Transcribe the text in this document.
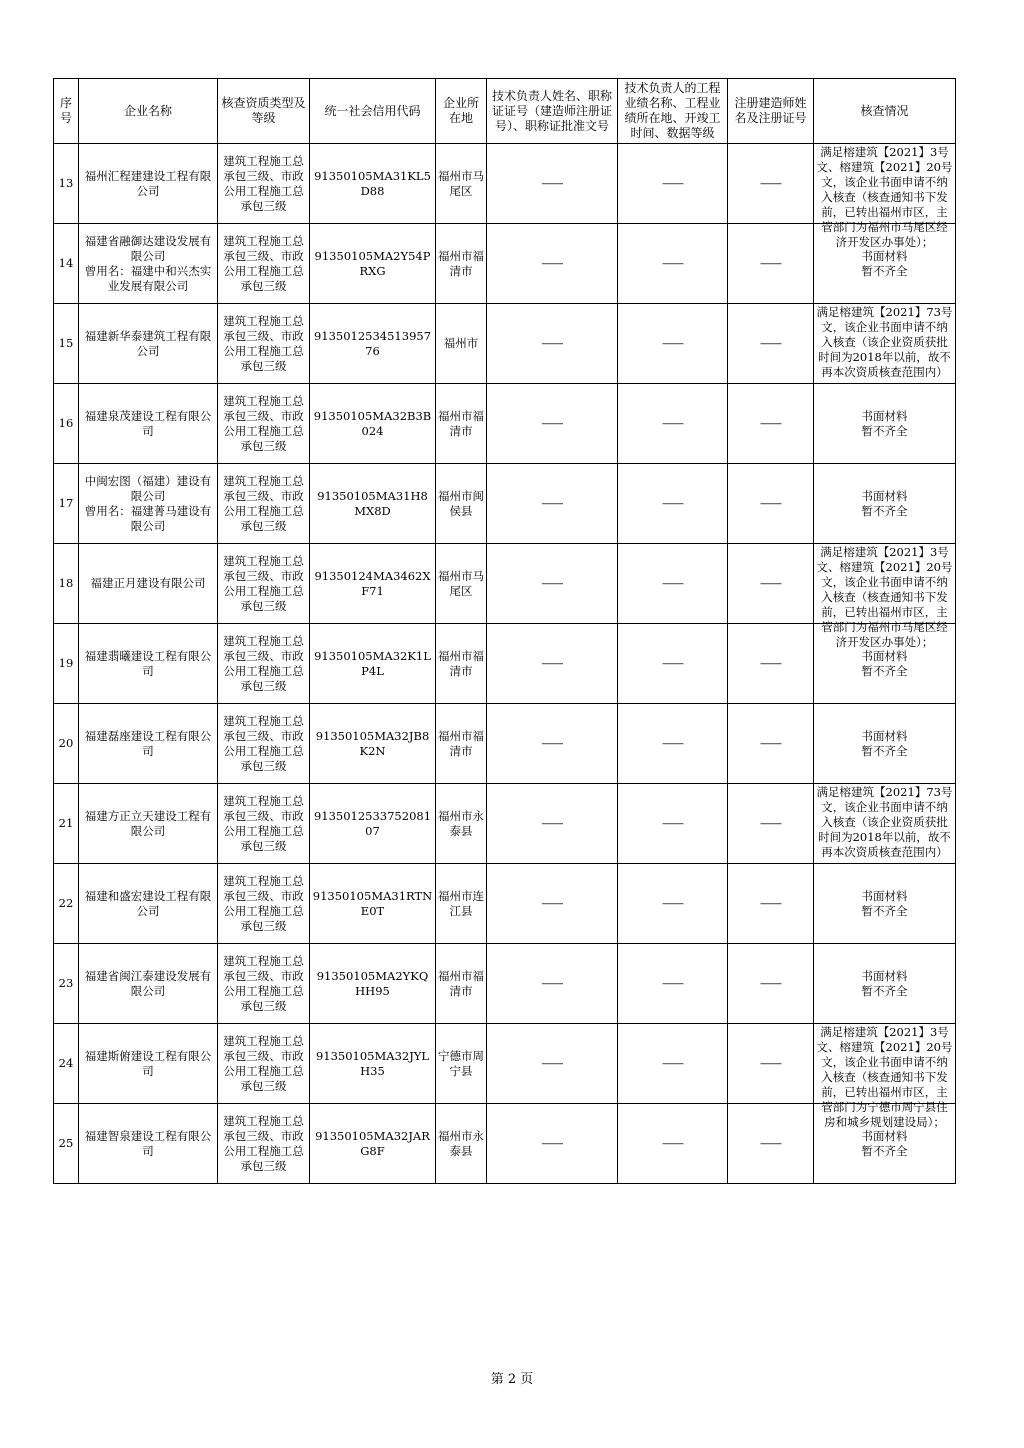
序号	企业名称	核查资质类型及等级	统一社会信用代码	企业所在地	技术负责人姓名、职称证证号（建造师注册证号）、职称证批准文号	技术负责人的工程业绩名称、工程业绩所在地、开竣工时间、数据等级	注册建造师姓名及注册证号	核查情况
13	福州汇程建建设工程有限公司	建筑工程施工总承包三级、市政公用工程施工总承包三级	91350105MA31KL5D88	福州市马尾区	——	——	——	满足榕建筑【2021】3号文、榕建筑【2021】20号文，该企业书面申请不纳入核查（核查通知书下发前，已转出福州市区，主管部门为福州市马尾区经济开发区办事处）；

14	福建省融御达建设发展有限公司
曾用名：福建中和兴杰实业发展有限公司	建筑工程施工总承包三级、市政公用工程施工总承包三级	91350105MA2Y54PRXG	福州市福清市	——	——	——	书面材料
暂不齐全
15	福建新华泰建筑工程有限公司	建筑工程施工总承包三级、市政公用工程施工总承包三级	913501253451395776	福州市	——	——	——	满足榕建筑【2021】73号文，该企业书面申请不纳入核查（该企业资质获批时间为2018年以前，故不再本次资质核查范围内）

16	福建泉茂建设工程有限公司	建筑工程施工总承包三级、市政公用工程施工总承包三级	91350105MA32B3B024	福州市福清市	——	——	——	书面材料
暂不齐全
17	中闽宏图（福建）建设有限公司
曾用名：福建菁马建设有限公司	建筑工程施工总承包三级、市政公用工程施工总承包三级	91350105MA31H8MX8D	福州市闽侯县	——	——	——	书面材料
暂不齐全
18	福建正月建设有限公司	建筑工程施工总承包三级、市政公用工程施工总承包三级	91350124MA3462XF71	福州市马尾区	——	——	——	满足榕建筑【2021】3号文、榕建筑【2021】20号文，该企业书面申请不纳入核查（核查通知书下发前，已转出福州市区，主管部门为福州市马尾区经济开发区办事处）；

19	福建翡曦建设工程有限公司	建筑工程施工总承包三级、市政公用工程施工总承包三级	91350105MA32K1LP4L	福州市福清市	——	——	——	书面材料
暂不齐全
20	福建磊座建设工程有限公司	建筑工程施工总承包三级、市政公用工程施工总承包三级	91350105MA32JB8K2N	福州市福清市	——	——	——	书面材料
暂不齐全
21	福建方正立天建设工程有限公司	建筑工程施工总承包三级、市政公用工程施工总承包三级	913501253375208107	福州市永泰县	——	——	——	满足榕建筑【2021】73号文，该企业书面申请不纳入核查（该企业资质获批时间为2018年以前，故不再本次资质核查范围内）

22	福建和盛宏建设工程有限公司	建筑工程施工总承包三级、市政公用工程施工总承包三级	91350105MA31RTNE0T	福州市连江县	——	——	——	书面材料
暂不齐全
23	福建省闽江泰建设发展有限公司	建筑工程施工总承包三级、市政公用工程施工总承包三级	91350105MA2YKQHH95	福州市福清市	——	——	——	书面材料
暂不齐全
24	福建斯俯建设工程有限公司	建筑工程施工总承包三级、市政公用工程施工总承包三级	91350105MA32JYLH35	宁德市周宁县	——	——	——	满足榕建筑【2021】3号文、榕建筑【2021】20号文，该企业书面申请不纳入核查（核查通知书下发前，已转出福州市区，主管部门为宁德市周宁县住房和城乡规划建设局）；

25	福建智泉建设工程有限公司	建筑工程施工总承包三级、市政公用工程施工总承包三级	91350105MA32JARG8F	福州市永泰县	——	——	——	书面材料
暂不齐全
第 2 页
